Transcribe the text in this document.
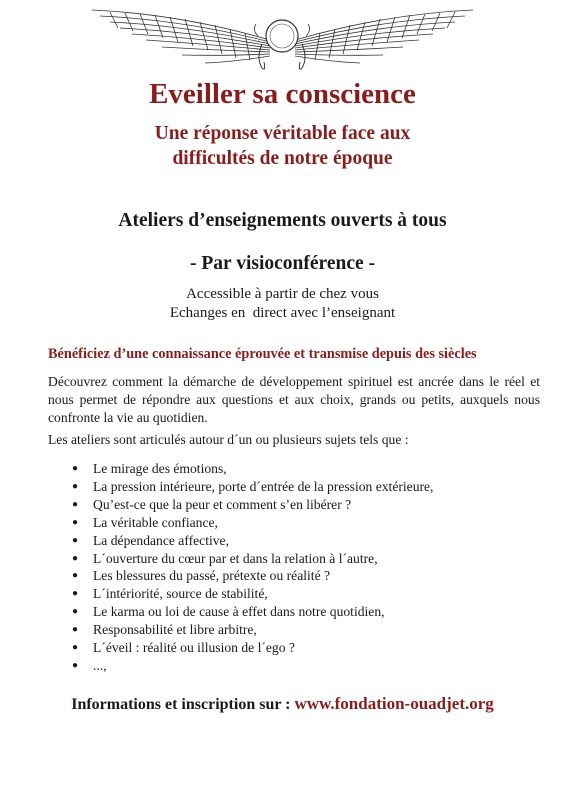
Eveiller sa conscience
Une réponse véritable face aux
difficultés de notre époque
Ateliers d’enseignements ouverts à tous
- Par visioconférence -
Accessible à partir de chez vous
Echanges en  direct avec l’enseignant
Bénéficiez d’une connaissance éprouvée et transmise depuis des siècles
Découvrez comment la démarche de développement spirituel est ancrée dans le réel et nous permet de répondre aux questions et aux choix, grands ou petits, auxquels nous confronte la vie au quotidien.
Les ateliers sont articulés autour d´un ou plusieurs sujets tels que :
● Le mirage des émotions,
● La pression intérieure, porte d´entrée de la pression extérieure,
● Qu’est-ce que la peur et comment s’en libérer ?
● La véritable confiance,
● La dépendance affective,
● L´ouverture du cœur par et dans la relation à l´autre,
● Les blessures du passé, prétexte ou réalité ?
● L´intériorité, source de stabilité,
● Le karma ou loi de cause à effet dans notre quotidien,
● Responsabilité et libre arbitre,
● L´éveil : réalité ou illusion de l´ego ?
● ...,
Informations et inscription sur : www.fondation-ouadjet.org
